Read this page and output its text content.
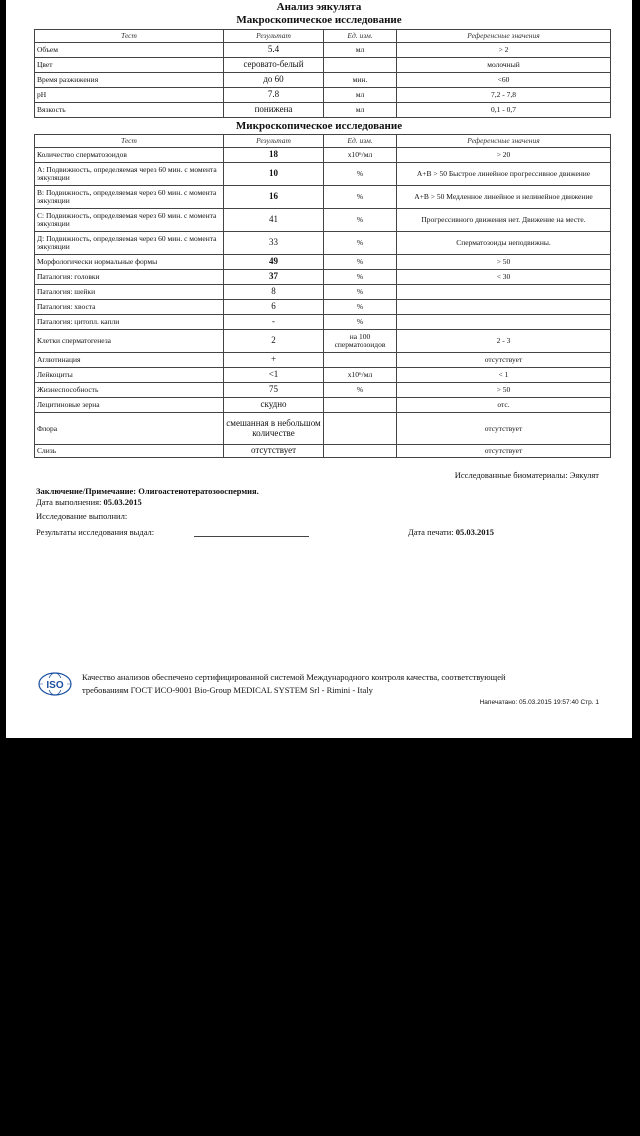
Анализ эякулята
Макроскопическое исследование
Тест	Результат	Ед. изм.	Референсные значения
Объем	5.4	мл	> 2
Цвет	серовато-белый		молочный
Время разжижения	до 60	мин.	<60
pH	7.8	мл	7,2 - 7,8
Вязкость	понижена	мл	0,1 - 0,7
Микроскопическое исследование
Тест	Результат	Ед. изм.	Референсные значения
Количество сперматозоидов	18	х10⁶/мл	> 20
А: Подвижность, определяемая через 60 мин. с момента эякуляции	10	%	А+В > 50 Быстрое линейное прогрессивное движение
В: Подвижность, определяемая через 60 мин. с момента эякуляции	16	%	А+В > 50 Медленное линейное и нелинейное движение
С: Подвижность, определяемая через 60 мин. с момента эякуляции	41	%	Прогрессивного движения нет. Движение на месте.
Д: Подвижность, определяемая через 60 мин. с момента эякуляции	33	%	Сперматозоиды неподвижны.
Морфологически нормальные формы	49	%	> 50
Паталогия: головки	37	%	< 30
Паталогия: шейки	8	%	
Паталогия: хвоста	6	%	
Паталогия: цитопл. капли	-	%	
Клетки сперматогенеза	2	на 100 сперматозоидов	2 - 3
Аглютинация	+		отсутствует
Лейкоциты	<1	х10⁶/мл	< 1
Жизнеспособность	75	%	> 50
Лецитиновые зерна	скудно		отс.
Флора	смешанная в небольшом количестве		отсутствует
Слизь	отсутствует		отсутствует
Исследованные биоматериалы: Эякулят
Заключение/Примечание: Олигоастенотератозооспермия.
Дата выполнения: 05.03.2015
Исследование выполнил:
Результаты исследования выдал:	Дата печати: 05.03.2015
ISO
Качество анализов обеспечено сертифицированной системой Международного контроля качества, соответствующей
требованиям ГОСТ ИСО-9001 Bio-Group MEDICAL SYSTEM Srl - Rimini - Italy
Напечатано: 05.03.2015 19:57:40 Стр. 1
